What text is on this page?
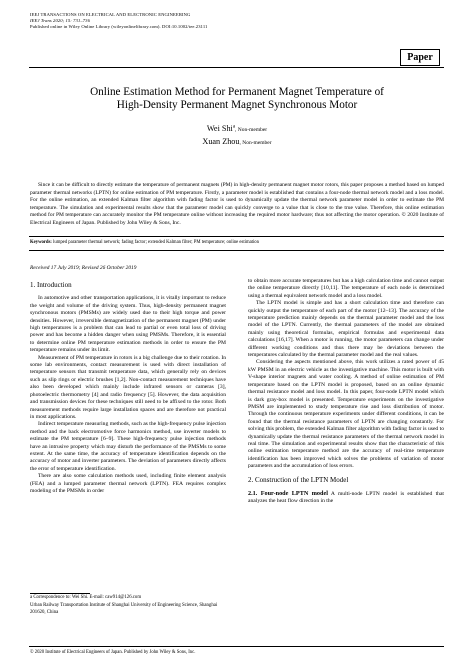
IEEJ TRANSACTIONS ON ELECTRICAL AND ELECTRONIC ENGINEERING
IEEJ Trans 2020; 15: 731–736
Published online in Wiley Online Library (wileyonlinelibrary.com). DOI:10.1002/tee.23111
Paper
Online Estimation Method for Permanent Magnet Temperature of
High-Density Permanent Magnet Synchronous Motor
Wei Shi$^a$, Non-member
Xuan Zhou, Non-member
Since it can be difficult to directly estimate the temperature of permanent magnets (PM) in high-density permanent magnet motor rotors, this paper proposes a method based on lumped parameter thermal networks (LPTN) for online estimation of PM temperature. Firstly, a parameter model is established that contains a four-node thermal network model and a loss model. For the online estimation, an extended Kalman filter algorithm with fading factor is used to dynamically update the thermal network parameter model in order to estimate the PM temperature. The simulation and experimental results show that the parameter model can quickly converge to a value that is close to the true value. Therefore, this online estimation method for PM temperature can accurately monitor the PM temperature online without increasing the required motor hardware; thus not affecting the motor operation. © 2020 Institute of Electrical Engineers of Japan. Published by John Wiley & Sons, Inc.
Keywords: lumped parameter thermal network; fading factor; extended Kalman filter; PM temperature; online estimation
Received 17 July 2019; Revised 26 October 2019
1. Introduction

In automotive and other transportation applications, it is vitally important to reduce the weight and volume of the driving system. Thus, high-density permanent magnet synchronous motors (PMSMs) are widely used due to their high torque and power densities. However, irreversible demagnetization of the permanent magnet (PM) under high temperatures is a problem that can lead to partial or even total loss of driving power and has become a hidden danger when using PMSMs. Therefore, it is essential to determine online PM temperature estimation methods in order to ensure the PM temperature remains under its limit.

Measurement of PM temperature in rotors is a big challenge due to their rotation. In some lab environments, contact measurement is used with direct installation of temperature sensors that transmit temperature data, which generally rely on devices such as slip rings or electric brushes [1,2]. Non-contact measurement techniques have also been developed which mainly include infrared sensors or cameras [3], photoelectric thermometry [4] and radio frequency [5]. However, the data acquisition and transmission devices for these techniques still need to be affixed to the rotor. Both measurement methods require large installation spaces and are therefore not practical in most applications.

Indirect temperature measuring methods, such as the high-frequency pulse injection method and the back electromotive force harmonics method, use inverter models to estimate the PM temperature [6–9]. These high-frequency pulse injection methods have an intrusive property which may disturb the performance of the PMSMs to some extent. At the same time, the accuracy of temperature identification depends on the accuracy of motor and inverter parameters. The deviation of parameters directly affects the error of temperature identification.

There are also some calculation methods used, including finite element analysis (FEA) and a lumped parameter thermal network (LPTN). FEA requires complex modeling of the PMSMs in order

to obtain more accurate temperatures but has a high calculation time and cannot output the online temperature directly [10,11]. The temperature of each node is determined using a thermal equivalent network model and a loss model.

The LPTN model is simple and has a short calculation time and therefore can quickly output the temperature of each part of the motor [12–13]. The accuracy of the temperature prediction mainly depends on the thermal parameter model and the loss model of the LPTN. Currently, the thermal parameters of the model are obtained mainly using theoretical formulas, empirical formulas and experimental data calculations [16,17]. When a motor is running, the motor parameters can change under different working conditions and thus there may be deviations between the temperatures calculated by the thermal parameter model and the real values.

Considering the aspects mentioned above, this work utilizes a rated power of 45 kW PMSM in an electric vehicle as the investigative machine. This motor is built with V-shape interior magnets and water cooling. A method of online estimation of PM temperature based on the LPTN model is proposed, based on an online dynamic thermal resistance model and loss model. In this paper, four-node LPTN model which is dark gray-box model is presented. Temperature experiments on the investigative PMSM are implemented to study temperature rise and loss distribution of motor. Through the continuous temperature experiments under different conditions, it can be found that the thermal resistance parameters of LPTN are changing constantly. For solving this problem, the extended Kalman filter algorithm with fading factor is used to dynamically update the thermal resistance parameters of the thermal network model in real time. The simulation and experimental results show that the characteristic of this online estimation temperature method are the accuracy of real-time temperature identification has been improved which solves the problems of variation of motor parameters and the accumulation of loss errors.

2. Construction of the LPTN Model

2.1. Four-node LPTN model A multi-node LPTN model is established that analyzes the heat flow direction in the

a Correspondence to: Wei Shi. E-mail: caw914@126.com
Urban Railway Transportation Institute of Shanghai University of Engineering Science, Shanghai 201620, China
© 2020 Institute of Electrical Engineers of Japan. Published by John Wiley & Sons, Inc.
